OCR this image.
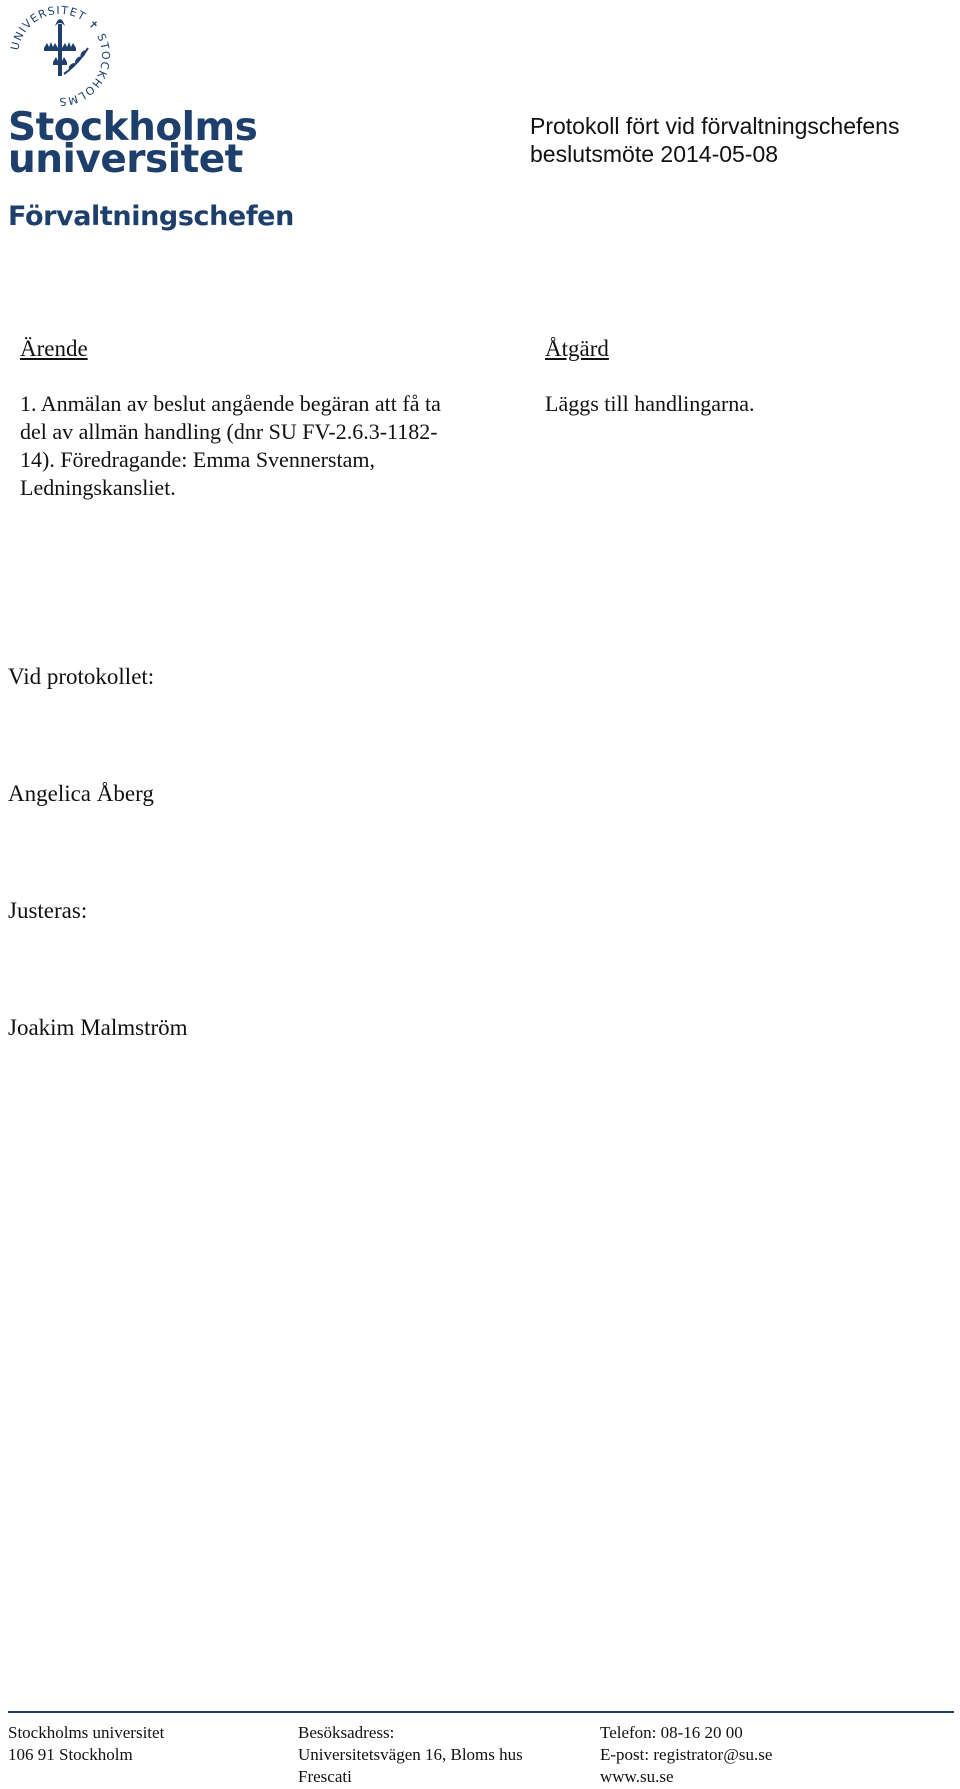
UNIVERSITET ✝ STOCKHOLMS
Stockholms
universitet
Förvaltningschefen
Protokoll fört vid förvaltningschefens
beslutsmöte 2014-05-08
Ärende	Åtgärd
1. Anmälan av beslut angående begäran att få ta
del av allmän handling (dnr SU FV-2.6.3-1182-
14). Föredragande: Emma Svennerstam,
Ledningskansliet.
Läggs till handlingarna.
Vid protokollet:
Angelica Åberg
Justeras:
Joakim Malmström
Stockholms universitet
106 91 Stockholm
Besöksadress:
Universitetsvägen 16, Bloms hus
Frescati
Telefon: 08-16 20 00
E-post: registrator@su.se
www.su.se
